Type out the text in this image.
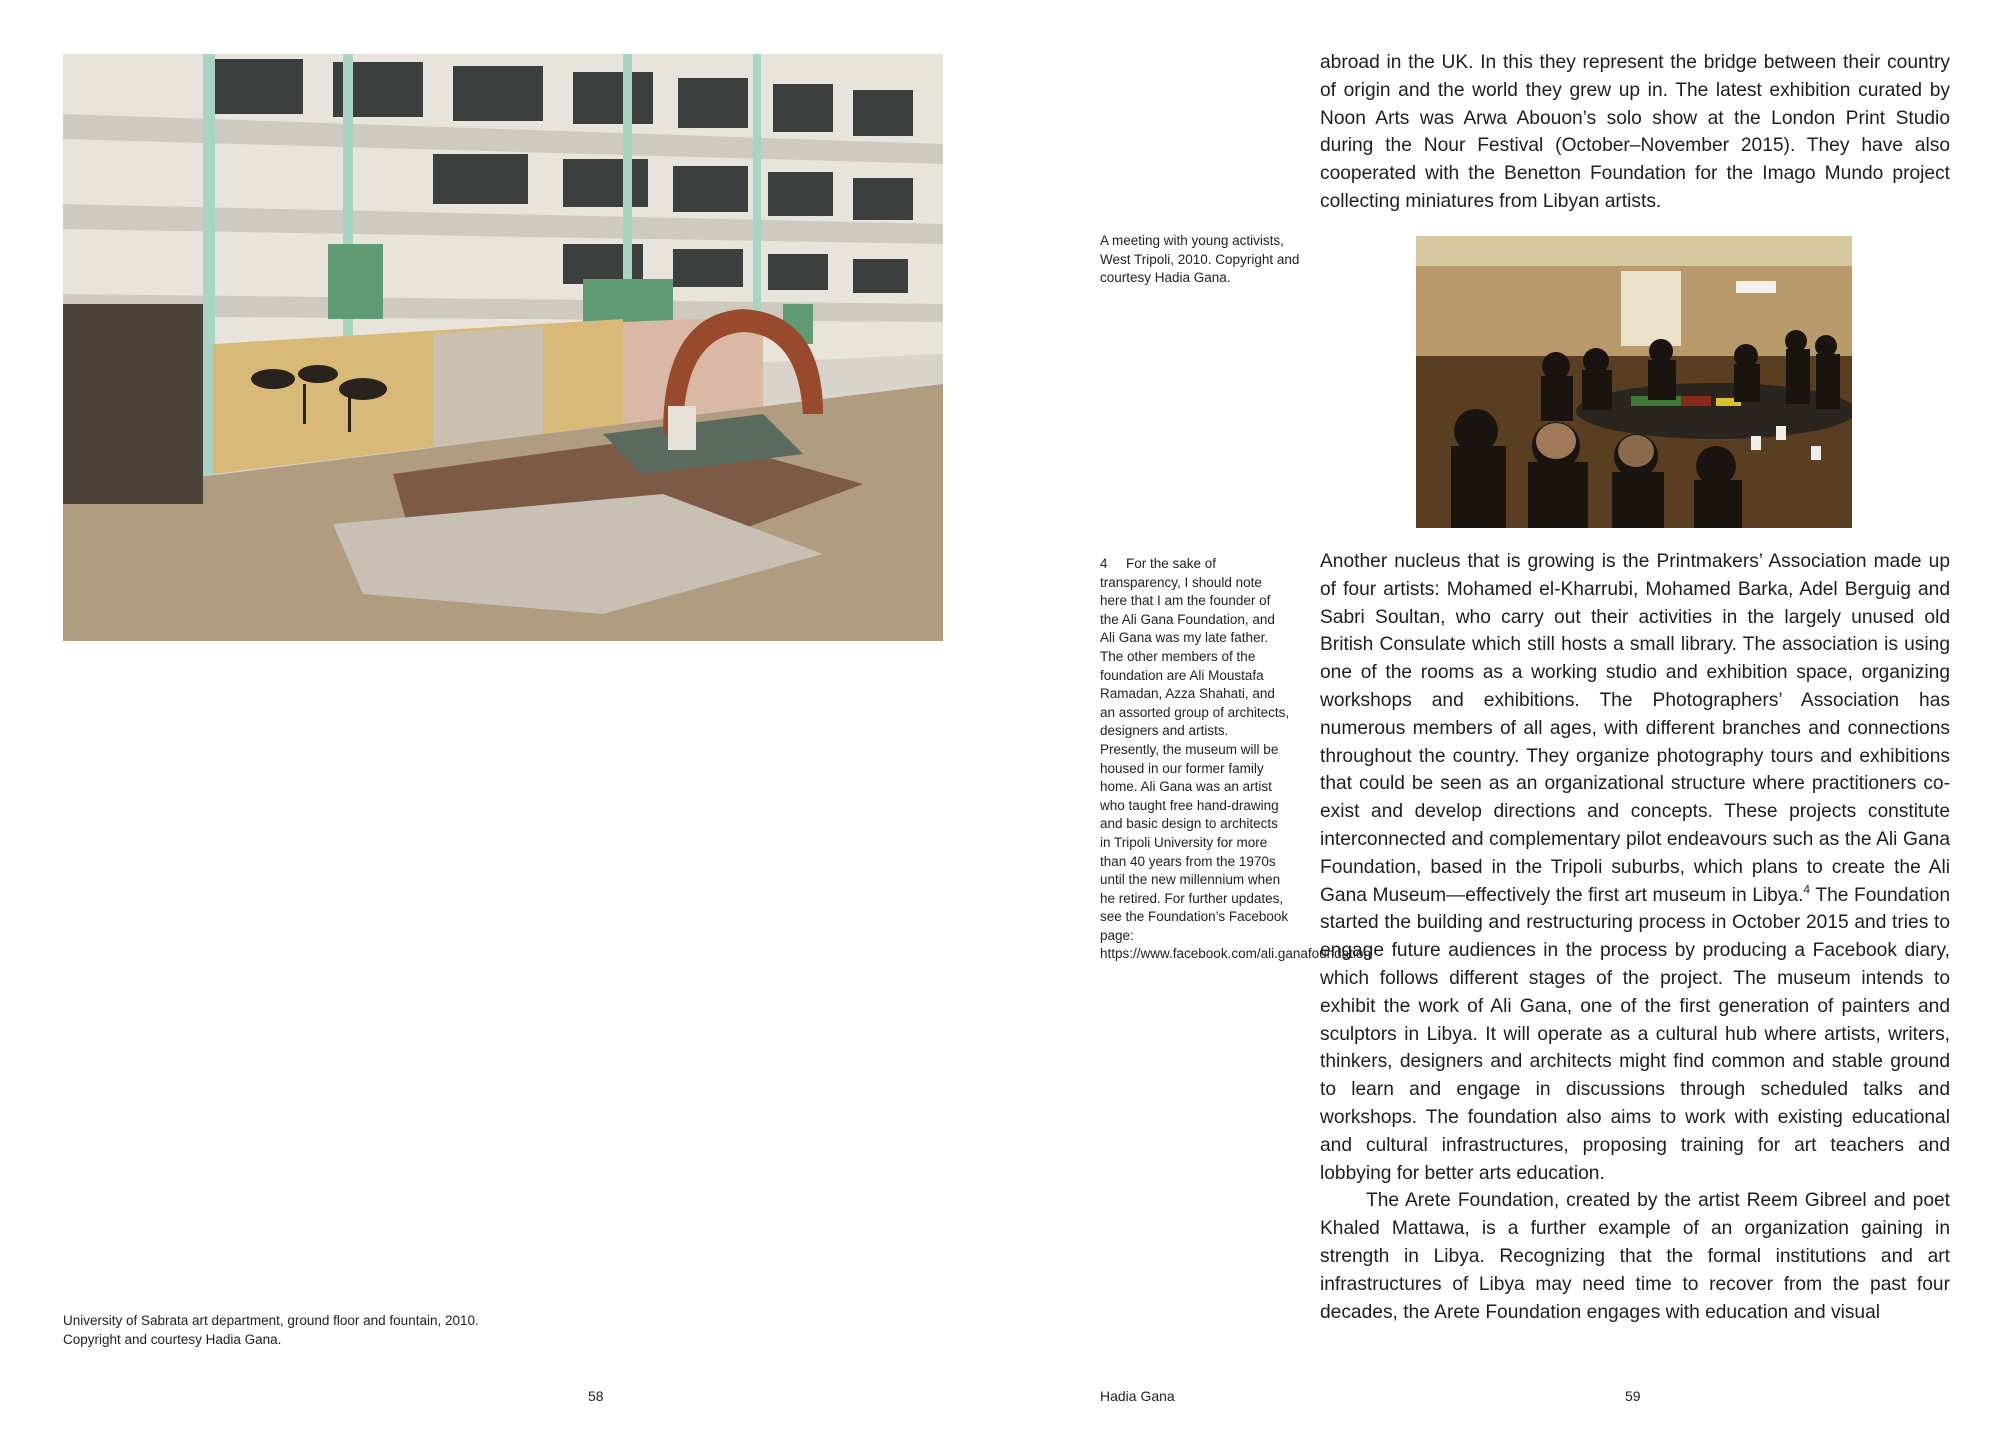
University of Sabrata art department, ground floor and fountain, 2010.
Copyright and courtesy Hadia Gana.
58
abroad in the UK. In this they represent the bridge between their country of origin and the world they grew up in. The latest exhibition curated by Noon Arts was Arwa Abouon’s solo show at the London Print Studio during the Nour Festival (October–November 2015). They have also cooperated with the Benetton Foundation for the Imago Mundo project collecting miniatures from Libyan artists.
A meeting with young activists, West Tripoli, 2010. Copyright and courtesy Hadia Gana.
4 For the sake of transparency, I should note here that I am the founder of the Ali Gana Foundation, and Ali Gana was my late father. The other members of the foundation are Ali Moustafa Ramadan, Azza Shahati, and an assorted group of architects, designers and artists. Presently, the museum will be housed in our former family home. Ali Gana was an artist who taught free hand-drawing and basic design to architects in Tripoli University for more than 40 years from the 1970s until the new millennium when he retired. For further updates, see the Foundation’s Facebook page: https://www.facebook.com/ali.ganafoundation

Another nucleus that is growing is the Printmakers’ Association made up of four artists: Mohamed el-Kharrubi, Mohamed Barka, Adel Berguig and Sabri Soultan, who carry out their activities in the largely unused old British Consulate which still hosts a small library. The association is using one of the rooms as a working studio and exhibition space, organizing workshops and exhibitions. The Photographers’ Association has numerous members of all ages, with different branches and connections throughout the country. They organize photography tours and exhibitions that could be seen as an organizational structure where practitioners co-exist and develop directions and concepts. These projects constitute interconnected and complementary pilot endeavours such as the Ali Gana Foundation, based in the Tripoli suburbs, which plans to create the Ali Gana Museum—effectively the first art museum in Libya.$^4$ The Foundation started the building and restructuring process in October 2015 and tries to engage future audiences in the process by producing a Facebook diary, which follows different stages of the project. The museum intends to exhibit the work of Ali Gana, one of the first generation of painters and sculptors in Libya. It will operate as a cultural hub where artists, writers, thinkers, designers and architects might find common and stable ground to learn and engage in discussions through scheduled talks and workshops. The foundation also aims to work with existing educational and cultural infrastructures, proposing training for art teachers and lobbying for better arts education.

The Arete Foundation, created by the artist Reem Gibreel and poet Khaled Mattawa, is a further example of an organization gaining in strength in Libya. Recognizing that the formal institutions and art infrastructures of Libya may need time to recover from the past four decades, the Arete Foundation engages with education and visual

Hadia Gana	59
